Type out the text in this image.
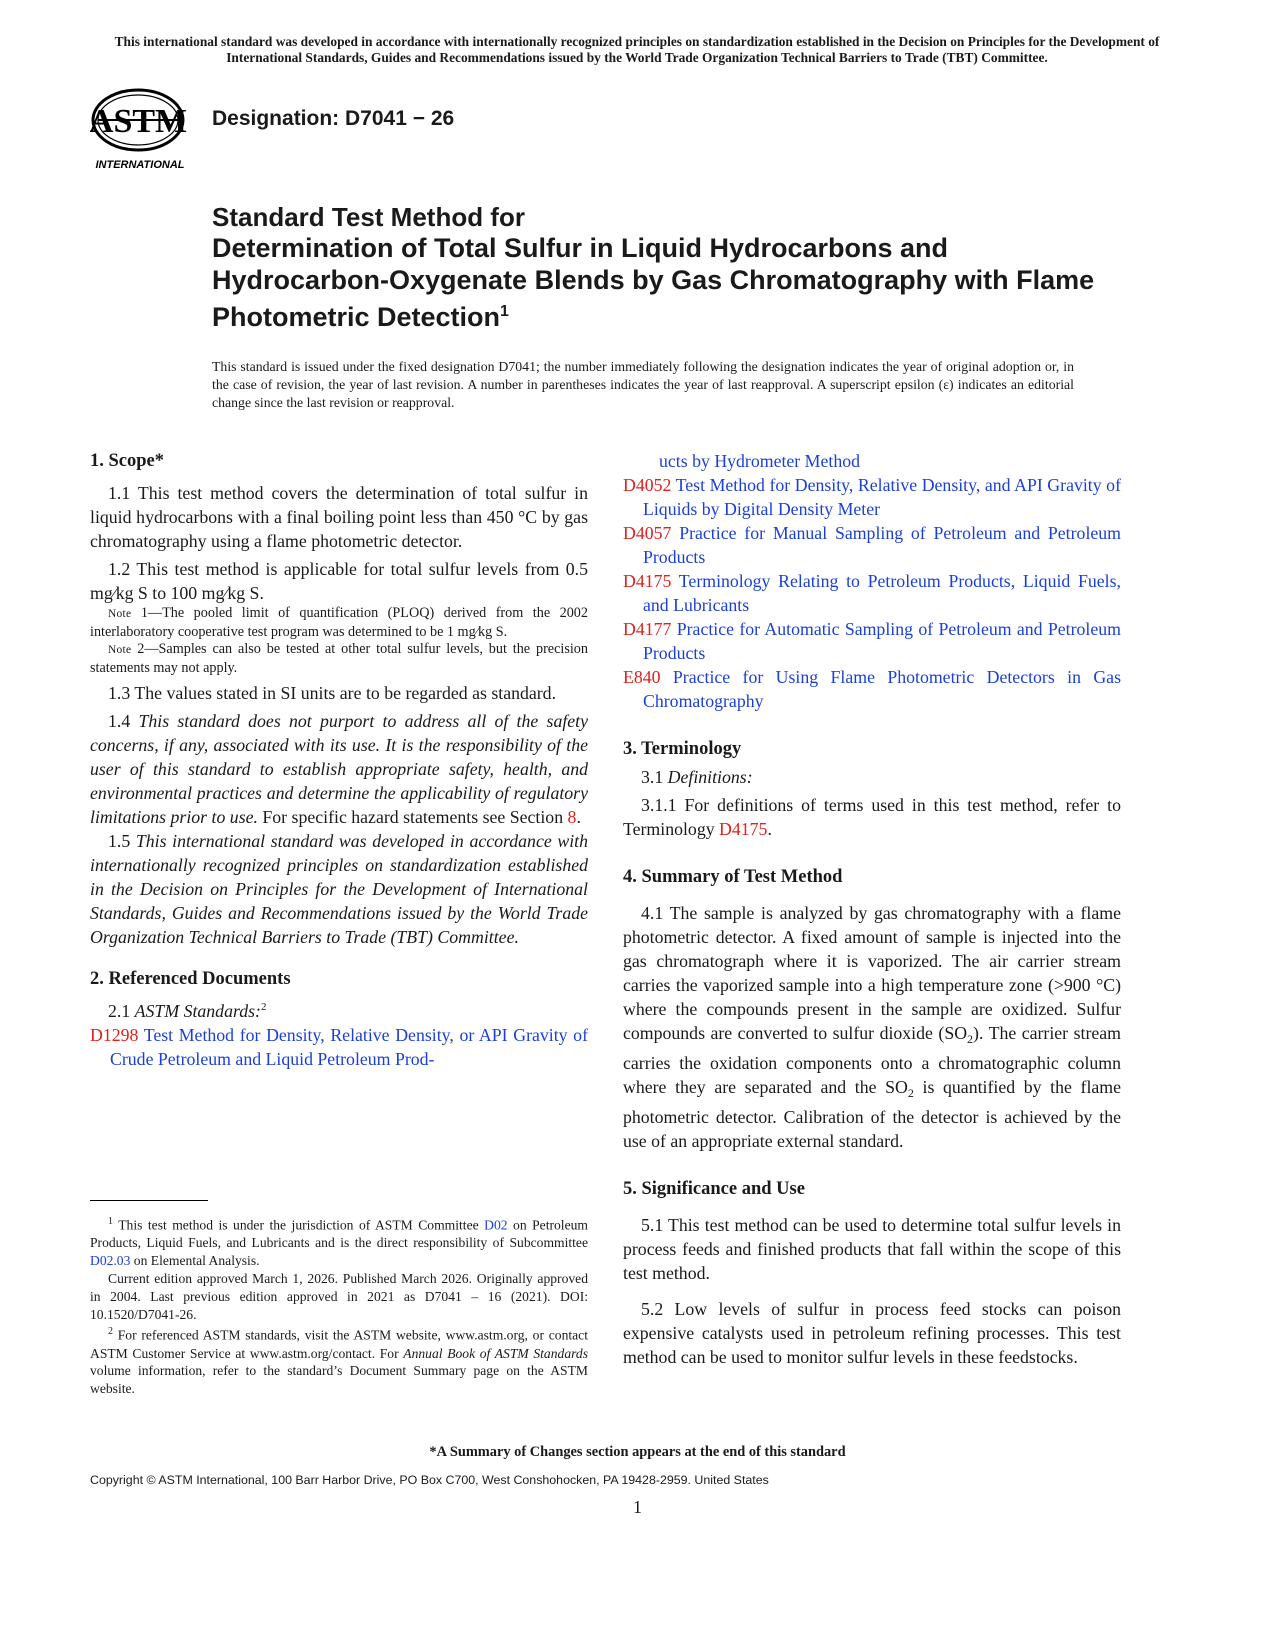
This international standard was developed in accordance with internationally recognized principles on standardization established in the Decision on Principles for the Development of International Standards, Guides and Recommendations issued by the World Trade Organization Technical Barriers to Trade (TBT) Committee.
ASTM
INTERNATIONAL
Designation: D7041 − 26
Standard Test Method for
Determination of Total Sulfur in Liquid Hydrocarbons and Hydrocarbon-Oxygenate Blends by Gas Chromatography with Flame Photometric Detection$^1$
This standard is issued under the fixed designation D7041; the number immediately following the designation indicates the year of original adoption or, in the case of revision, the year of last revision. A number in parentheses indicates the year of last reapproval. A superscript epsilon (ε) indicates an editorial change since the last revision or reapproval.

1. Scope*

1.1 This test method covers the determination of total sulfur in liquid hydrocarbons with a final boiling point less than 450 °C by gas chromatography using a flame photometric detector.

1.2 This test method is applicable for total sulfur levels from 0.5 mg⁄kg S to 100 mg⁄kg S.

Note 1—The pooled limit of quantification (PLOQ) derived from the 2002 interlaboratory cooperative test program was determined to be 1 mg⁄kg S.

Note 2—Samples can also be tested at other total sulfur levels, but the precision statements may not apply.

1.3 The values stated in SI units are to be regarded as standard.

1.4 This standard does not purport to address all of the safety concerns, if any, associated with its use. It is the responsibility of the user of this standard to establish appropriate safety, health, and environmental practices and determine the applicability of regulatory limitations prior to use. For specific hazard statements see Section 8.

1.5 This international standard was developed in accordance with internationally recognized principles on standardization established in the Decision on Principles for the Development of International Standards, Guides and Recommendations issued by the World Trade Organization Technical Barriers to Trade (TBT) Committee.

2. Referenced Documents

2.1 ASTM Standards:$^2$

D1298 Test Method for Density, Relative Density, or API Gravity of Crude Petroleum and Liquid Petroleum Prod-

ucts by Hydrometer Method

D4052 Test Method for Density, Relative Density, and API Gravity of Liquids by Digital Density Meter

D4057 Practice for Manual Sampling of Petroleum and Petroleum Products

D4175 Terminology Relating to Petroleum Products, Liquid Fuels, and Lubricants

D4177 Practice for Automatic Sampling of Petroleum and Petroleum Products

E840 Practice for Using Flame Photometric Detectors in Gas Chromatography

3. Terminology

3.1 Definitions:

3.1.1 For definitions of terms used in this test method, refer to Terminology D4175.

4. Summary of Test Method

4.1 The sample is analyzed by gas chromatography with a flame photometric detector. A fixed amount of sample is injected into the gas chromatograph where it is vaporized. The air carrier stream carries the vaporized sample into a high temperature zone (>900 °C) where the compounds present in the sample are oxidized. Sulfur compounds are converted to sulfur dioxide $(SO_2)$. The carrier stream carries the oxidation components onto a chromatographic column where they are separated and the $SO_2$ is quantified by the flame photometric detector. Calibration of the detector is achieved by the use of an appropriate external standard.

5. Significance and Use

5.1 This test method can be used to determine total sulfur levels in process feeds and finished products that fall within the scope of this test method.

5.2 Low levels of sulfur in process feed stocks can poison expensive catalysts used in petroleum refining processes. This test method can be used to monitor sulfur levels in these feedstocks.

$^1$ This test method is under the jurisdiction of ASTM Committee D02 on Petroleum Products, Liquid Fuels, and Lubricants and is the direct responsibility of Subcommittee D02.03 on Elemental Analysis.

Current edition approved March 1, 2026. Published March 2026. Originally approved in 2004. Last previous edition approved in 2021 as D7041 – 16 (2021). DOI: 10.1520/D7041-26.

$^2$ For referenced ASTM standards, visit the ASTM website, www.astm.org, or contact ASTM Customer Service at www.astm.org/contact. For Annual Book of ASTM Standards volume information, refer to the standard’s Document Summary page on the ASTM website.

*A Summary of Changes section appears at the end of this standard
Copyright © ASTM International, 100 Barr Harbor Drive, PO Box C700, West Conshohocken, PA 19428-2959. United States
1
